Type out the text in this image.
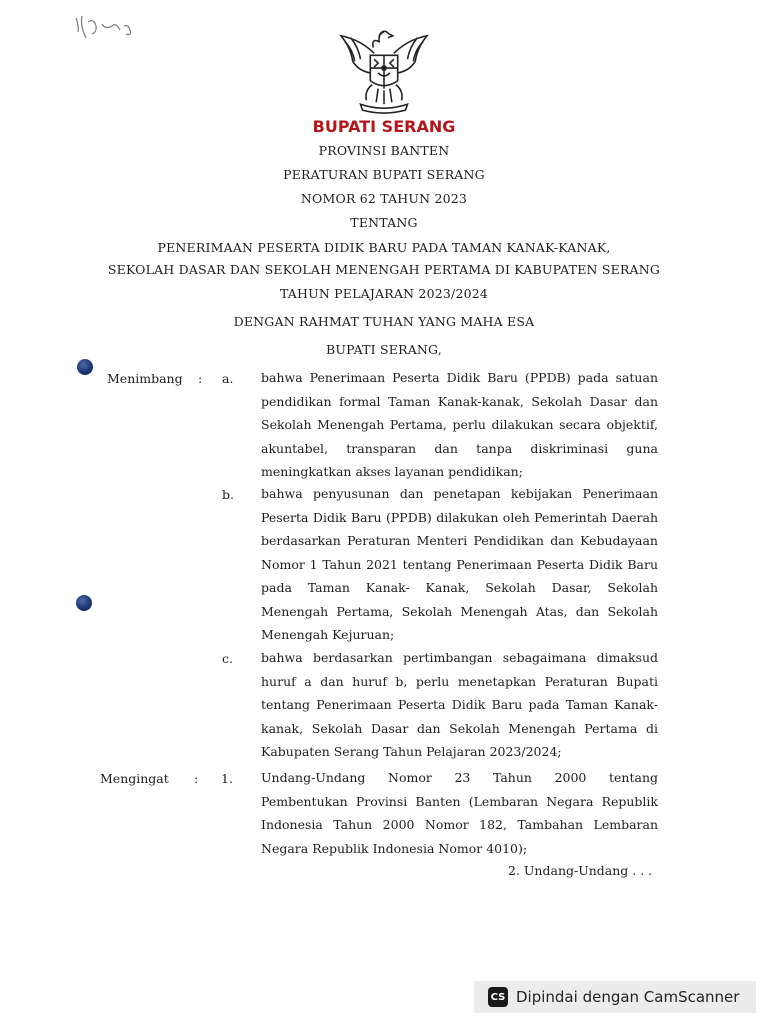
BUPATI SERANG
PROVINSI BANTEN
PERATURAN BUPATI SERANG
NOMOR 62 TAHUN 2023
TENTANG
PENERIMAAN PESERTA DIDIK BARU PADA TAMAN KANAK-KANAK,
SEKOLAH DASAR DAN SEKOLAH MENENGAH PERTAMA DI KABUPATEN SERANG
TAHUN PELAJARAN 2023/2024
DENGAN RAHMAT TUHAN YANG MAHA ESA
BUPATI SERANG,
Menimbang : a. bahwa Penerimaan Peserta Didik Baru (PPDB) pada satuan
pendidikan formal Taman Kanak-kanak, Sekolah Dasar dan
Sekolah Menengah Pertama, perlu dilakukan secara objektif,
akuntabel, transparan dan tanpa diskriminasi guna
meningkatkan akses layanan pendidikan;
b. bahwa penyusunan dan penetapan kebijakan Penerimaan
Peserta Didik Baru (PPDB) dilakukan oleh Pemerintah Daerah
berdasarkan Peraturan Menteri Pendidikan dan Kebudayaan
Nomor 1 Tahun 2021 tentang Penerimaan Peserta Didik Baru
pada Taman Kanak- Kanak, Sekolah Dasar, Sekolah
Menengah Pertama, Sekolah Menengah Atas, dan Sekolah
Menengah Kejuruan;
c. bahwa berdasarkan pertimbangan sebagaimana dimaksud
huruf a dan huruf b, perlu menetapkan Peraturan Bupati
tentang Penerimaan Peserta Didik Baru pada Taman Kanak-
kanak, Sekolah Dasar dan Sekolah Menengah Pertama di
Kabupaten Serang Tahun Pelajaran 2023/2024;
Mengingat : 1. Undang-Undang Nomor 23 Tahun 2000 tentang
Pembentukan Provinsi Banten (Lembaran Negara Republik
Indonesia Tahun 2000 Nomor 182, Tambahan Lembaran
Negara Republik Indonesia Nomor 4010);
2. Undang-Undang . . .
CS Dipindai dengan CamScanner
